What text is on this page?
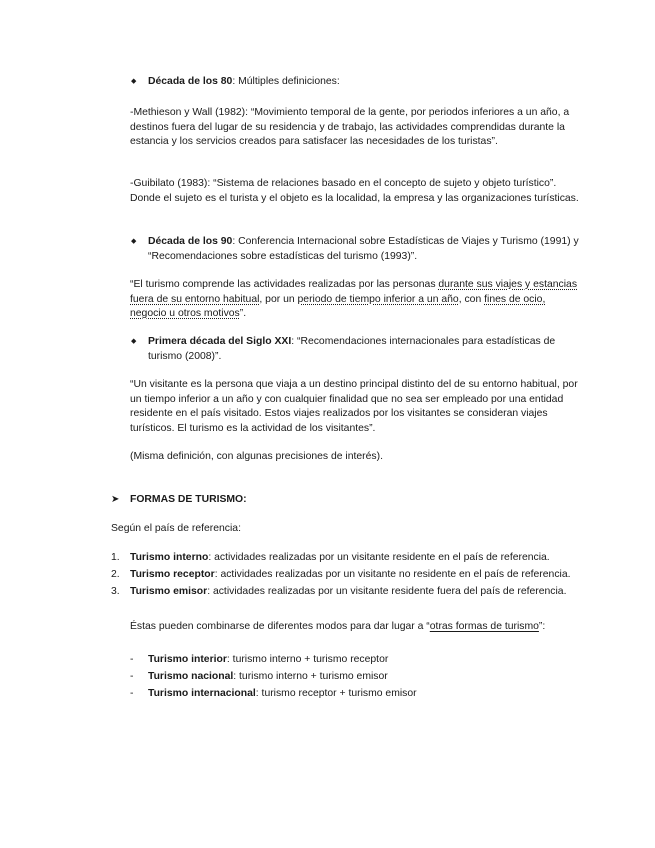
◆ Década de los 80: Múltiples definiciones:
-Methieson y Wall (1982): “Movimiento temporal de la gente, por periodos inferiores a un año, a destinos fuera del lugar de su residencia y de trabajo, las actividades comprendidas durante la estancia y los servicios creados para satisfacer las necesidades de los turistas”.
-Guibilato (1983): “Sistema de relaciones basado en el concepto de sujeto y objeto turístico”. Donde el sujeto es el turista y el objeto es la localidad, la empresa y las organizaciones turísticas.
◆ Década de los 90: Conferencia Internacional sobre Estadísticas de Viajes y Turismo (1991) y “Recomendaciones sobre estadísticas del turismo (1993)”.
“El turismo comprende las actividades realizadas por las personas durante sus viajes y estancias fuera de su entorno habitual, por un periodo de tiempo inferior a un año, con fines de ocio, negocio u otros motivos”.
◆ Primera década del Siglo XXI: “Recomendaciones internacionales para estadísticas de turismo (2008)”.
“Un visitante es la persona que viaja a un destino principal distinto del de su entorno habitual, por un tiempo inferior a un año y con cualquier finalidad que no sea ser empleado por una entidad residente en el país visitado. Estos viajes realizados por los visitantes se consideran viajes turísticos. El turismo es la actividad de los visitantes”.
(Misma definición, con algunas precisiones de interés).
➤ FORMAS DE TURISMO:
Según el país de referencia:
1. Turismo interno: actividades realizadas por un visitante residente en el país de referencia.
2. Turismo receptor: actividades realizadas por un visitante no residente en el país de referencia.
3. Turismo emisor: actividades realizadas por un visitante residente fuera del país de referencia.
Éstas pueden combinarse de diferentes modos para dar lugar a “otras formas de turismo”:
- Turismo interior: turismo interno + turismo receptor
- Turismo nacional: turismo interno + turismo emisor
- Turismo internacional: turismo receptor + turismo emisor
